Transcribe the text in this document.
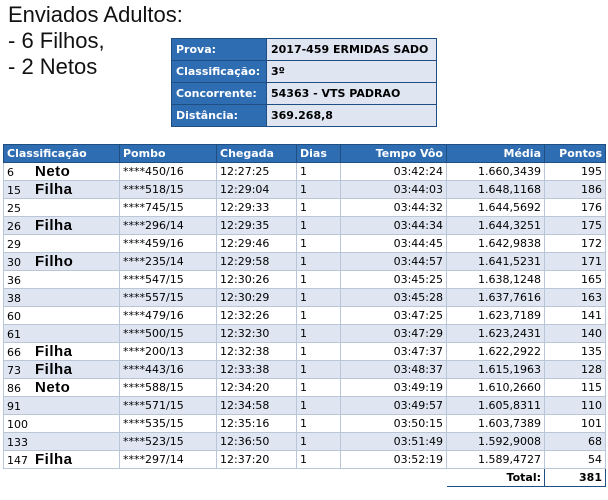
Enviados Adultos:
- 6 Filhos,
- 2 Netos
Prova:	2017-459 ERMIDAS SADO
Classificação:	3º
Concorrente:	54363 - VTS PADRAO
Distância:	369.268,8
Classificação	Pombo	Chegada	Dias	Tempo Vôo	Média	Pontos
6 Neto	****450/16	12:27:25	1	03:42:24	1.660,3439	195
15 Filha	****518/15	12:29:04	1	03:44:03	1.648,1168	186
25	****745/15	12:29:33	1	03:44:32	1.644,5692	176
26 Filha	****296/14	12:29:35	1	03:44:34	1.644,3251	175
29	****459/16	12:29:46	1	03:44:45	1.642,9838	172
30 Filho	****235/14	12:29:58	1	03:44:57	1.641,5231	171
36	****547/15	12:30:26	1	03:45:25	1.638,1248	165
38	****557/15	12:30:29	1	03:45:28	1.637,7616	163
60	****479/16	12:32:26	1	03:47:25	1.623,7189	141
61	****500/15	12:32:30	1	03:47:29	1.623,2431	140
66 Filha	****200/13	12:32:38	1	03:47:37	1.622,2922	135
73 Filha	****443/16	12:33:38	1	03:48:37	1.615,1963	128
86 Neto	****588/15	12:34:20	1	03:49:19	1.610,2660	115
91	****571/15	12:34:58	1	03:49:57	1.605,8311	110
100	****535/15	12:35:16	1	03:50:15	1.603,7389	101
133	****523/15	12:36:50	1	03:51:49	1.592,9008	68
147 Filha	****297/14	12:37:20	1	03:52:19	1.589,4727	54
					Total:	381
